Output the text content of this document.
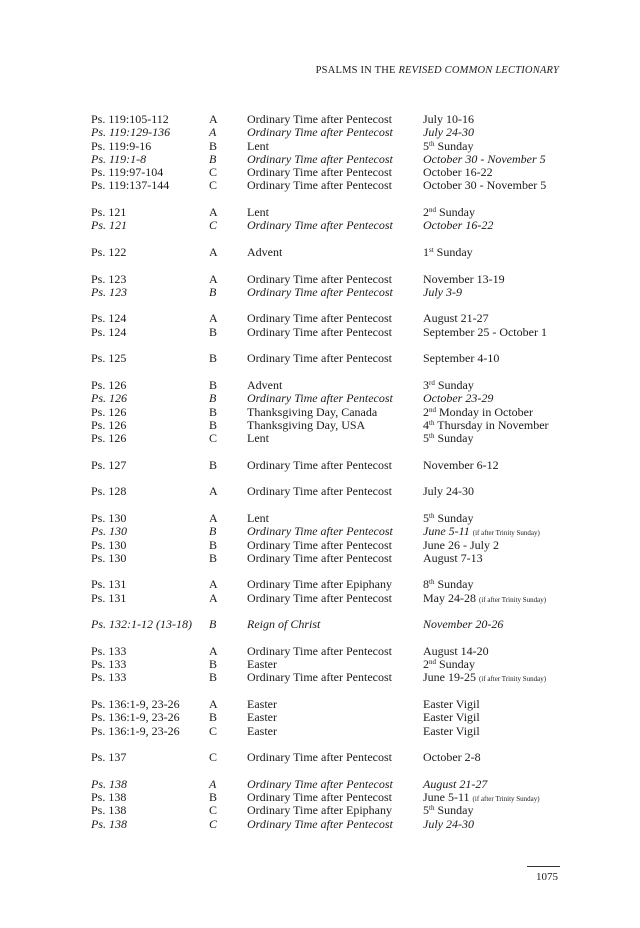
PSALMS IN THE REVISED COMMON LECTIONARY
Ps. 119:105-112	A Ordinary Time after Pentecost	July 10-16
Ps. 119:129-136	A	Ordinary Time after Pentecost	July 24-30
Ps. 119:9-16	B Lent	5th Sunday
Ps. 119:1-8	B	Ordinary Time after Pentecost	October 30 - November 5
Ps. 119:97-104	C Ordinary Time after Pentecost	October 16-22
Ps. 119:137-144	C Ordinary Time after Pentecost	October 30 - November 5
Ps. 121	A Lent	2nd Sunday
Ps. 121	C Ordinary Time after Pentecost	October 16-22
Ps. 122	A Advent	1st Sunday
Ps. 123	A Ordinary Time after Pentecost	November 13-19
Ps. 123	B	Ordinary Time after Pentecost	July 3-9
Ps. 124	A Ordinary Time after Pentecost	August 21-27
Ps. 124	B Ordinary Time after Pentecost	September 25 - October 1
Ps. 125	B Ordinary Time after Pentecost	September 4-10
Ps. 126	B Advent	3rd Sunday
Ps. 126	B	Ordinary Time after Pentecost	October 23-29
Ps. 126	B Thanksgiving Day, Canada	2nd Monday in October
Ps. 126	B Thanksgiving Day, USA	4th Thursday in November
Ps. 126	C Lent	5th Sunday
Ps. 127	B Ordinary Time after Pentecost	November 6-12
Ps. 128	A Ordinary Time after Pentecost	July 24-30
Ps. 130	A Lent	5th Sunday
Ps. 130	B	Ordinary Time after Pentecost	June 5-11 (if after Trinity Sunday)
Ps. 130	B Ordinary Time after Pentecost	June 26 - July 2
Ps. 130	B Ordinary Time after Pentecost	August 7-13
Ps. 131	A Ordinary Time after Epiphany	8th Sunday
Ps. 131	A Ordinary Time after Pentecost	May 24-28 (if after Trinity Sunday)
Ps. 132:1-12 (13-18) B	Reign of Christ	November 20-26
Ps. 133	A Ordinary Time after Pentecost	August 14-20
Ps. 133	B Easter	2nd Sunday
Ps. 133	B Ordinary Time after Pentecost	June 19-25 (if after Trinity Sunday)
Ps. 136:1-9, 23-26 A Easter	Easter Vigil
Ps. 136:1-9, 23-26 B Easter	Easter Vigil
Ps. 136:1-9, 23-26 C Easter	Easter Vigil
Ps. 137	C Ordinary Time after Pentecost	October 2-8
Ps. 138	A	Ordinary Time after Pentecost	August 21-27
Ps. 138	B Ordinary Time after Pentecost	June 5-11 (if after Trinity Sunday)
Ps. 138	C Ordinary Time after Epiphany	5th Sunday
Ps. 138	C Ordinary Time after Pentecost	July 24-30
1075
